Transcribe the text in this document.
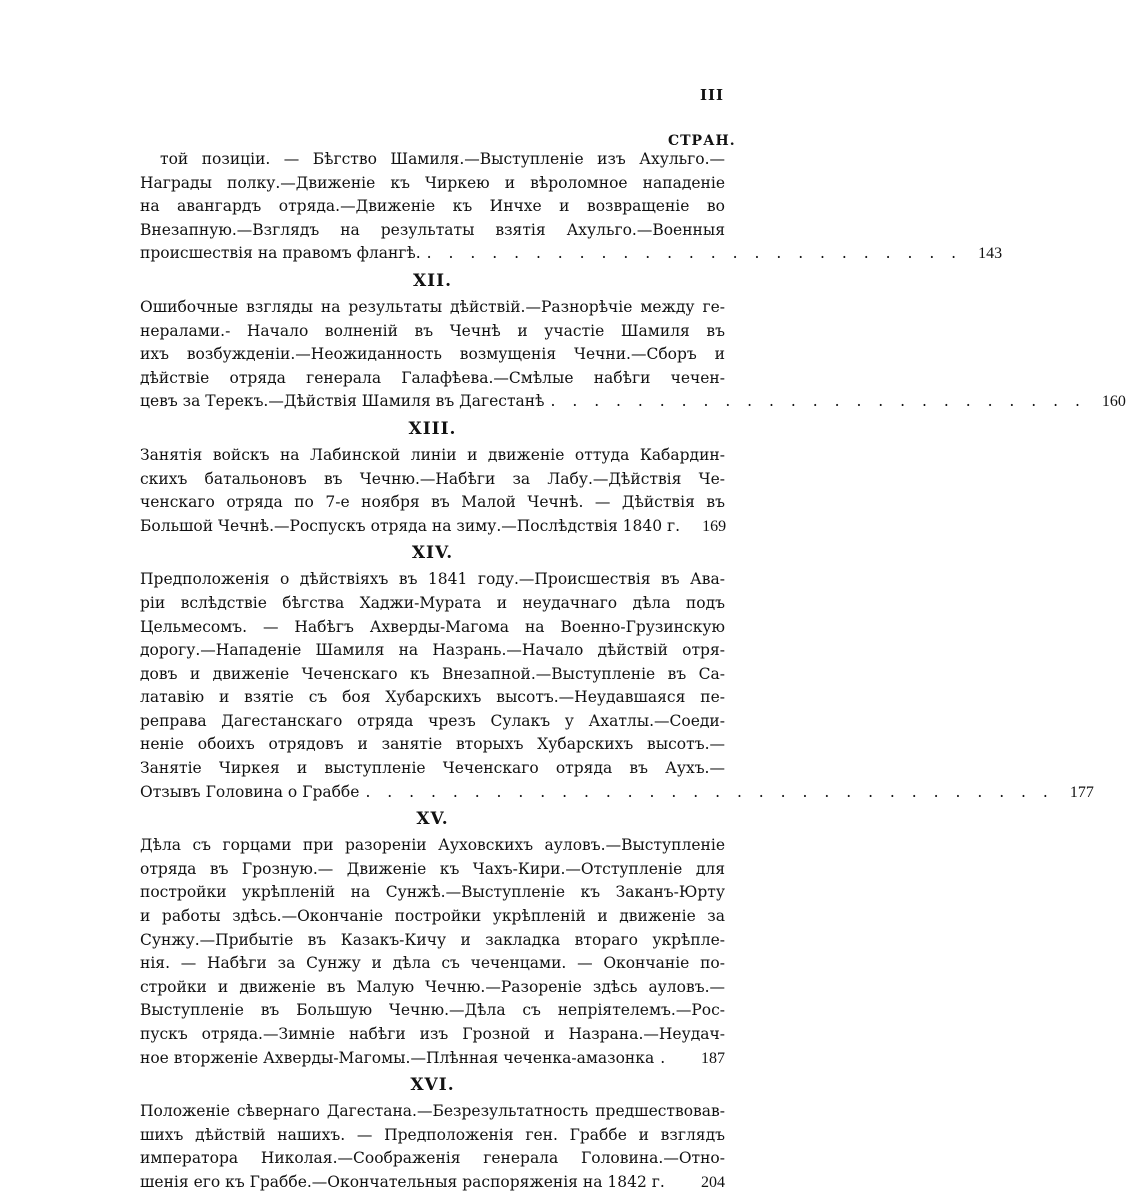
III
СТРАН.
той позиціи. — Бѣгство Шамиля.—Выступленіе изъ Ахульго.—
Награды полку.—Движеніе къ Чиркею и вѣроломное нападеніе
на авангардъ отряда.—Движеніе къ Инчхе и возвращеніе во
Внезапную.—Взглядъ на результаты взятія Ахульго.—Военныя
происшествія на правомъ флангѣ. . . . . . . . . . . . . . . . . . . . . . . . . .	143
XII.
Ошибочные взгляды на результаты дѣйствій.—Разнорѣчіе между ге-
нералами.- Начало волненій въ Чечнѣ и участіе Шамиля въ
ихъ возбужденіи.—Неожиданность возмущенія Чечни.—Сборъ и
дѣйствіе отряда генерала Галафѣева.—Смѣлые набѣги чечен-
цевъ за Терекъ.—Дѣйствія Шамиля въ Дагестанѣ . . . . . . . . . . . . . . . . . . . . . . . . .	160
XIII.
Занятія войскъ на Лабинской линіи и движеніе оттуда Кабардин-
скихъ батальоновъ въ Чечню.—Набѣги за Лабу.—Дѣйствія Че-
ченскаго отряда по 7-е ноября въ Малой Чечнѣ. — Дѣйствія въ
Большой Чечнѣ.—Роспускъ отряда на зиму.—Послѣдствія 1840 г.	169
XIV.
Предположенія о дѣйствіяхъ въ 1841 году.—Происшествія въ Ава-
ріи вслѣдствіе бѣгства Хаджи-Мурата и неудачнаго дѣла подъ
Цельмесомъ. — Набѣгъ Ахверды-Магома на Военно-Грузинскую
дорогу.—Нападеніе Шамиля на Назрань.—Начало дѣйствій отря-
довъ и движеніе Чеченскаго къ Внезапной.—Выступленіе въ Са-
латавію и взятіе съ боя Хубарскихъ высотъ.—Неудавшаяся пе-
реправа Дагестанскаго отряда чрезъ Сулакъ у Ахатлы.—Соеди-
неніе обоихъ отрядовъ и занятіе вторыхъ Хубарскихъ высотъ.—
Занятіе Чиркея и выступленіе Чеченскаго отряда въ Аухъ.—
Отзывъ Головина о Граббе . . . . . . . . . . . . . . . . . . . . . . . . . . . . . . . .	177
XV.
Дѣла съ горцами при разореніи Ауховскихъ ауловъ.—Выступленіе
отряда въ Грозную.— Движеніе къ Чахъ-Кири.—Отступленіе для
постройки укрѣпленій на Сунжѣ.—Выступленіе къ Заканъ-Юрту
и работы здѣсь.—Окончаніе постройки укрѣпленій и движеніе за
Сунжу.—Прибытіе въ Казакъ-Кичу и закладка втораго укрѣпле-
нія. — Набѣги за Сунжу и дѣла съ чеченцами. — Окончаніе по-
стройки и движеніе въ Малую Чечню.—Разореніе здѣсь ауловъ.—
Выступленіе въ Большую Чечню.—Дѣла съ непріятелемъ.—Рос-
пускъ отряда.—Зимніе набѣги изъ Грозной и Назрана.—Неудач-
ное вторженіе Ахверды-Магомы.—Плѣнная чеченка-амазонка .	187
XVI.
Положеніе сѣвернаго Дагестана.—Безрезультатность предшествовав-
шихъ дѣйствій нашихъ. — Предположенія ген. Граббе и взглядъ
императора Николая.—Соображенія генерала Головина.—Отно-
шенія его къ Граббе.—Окончательныя распоряженія на 1842 г.	204
